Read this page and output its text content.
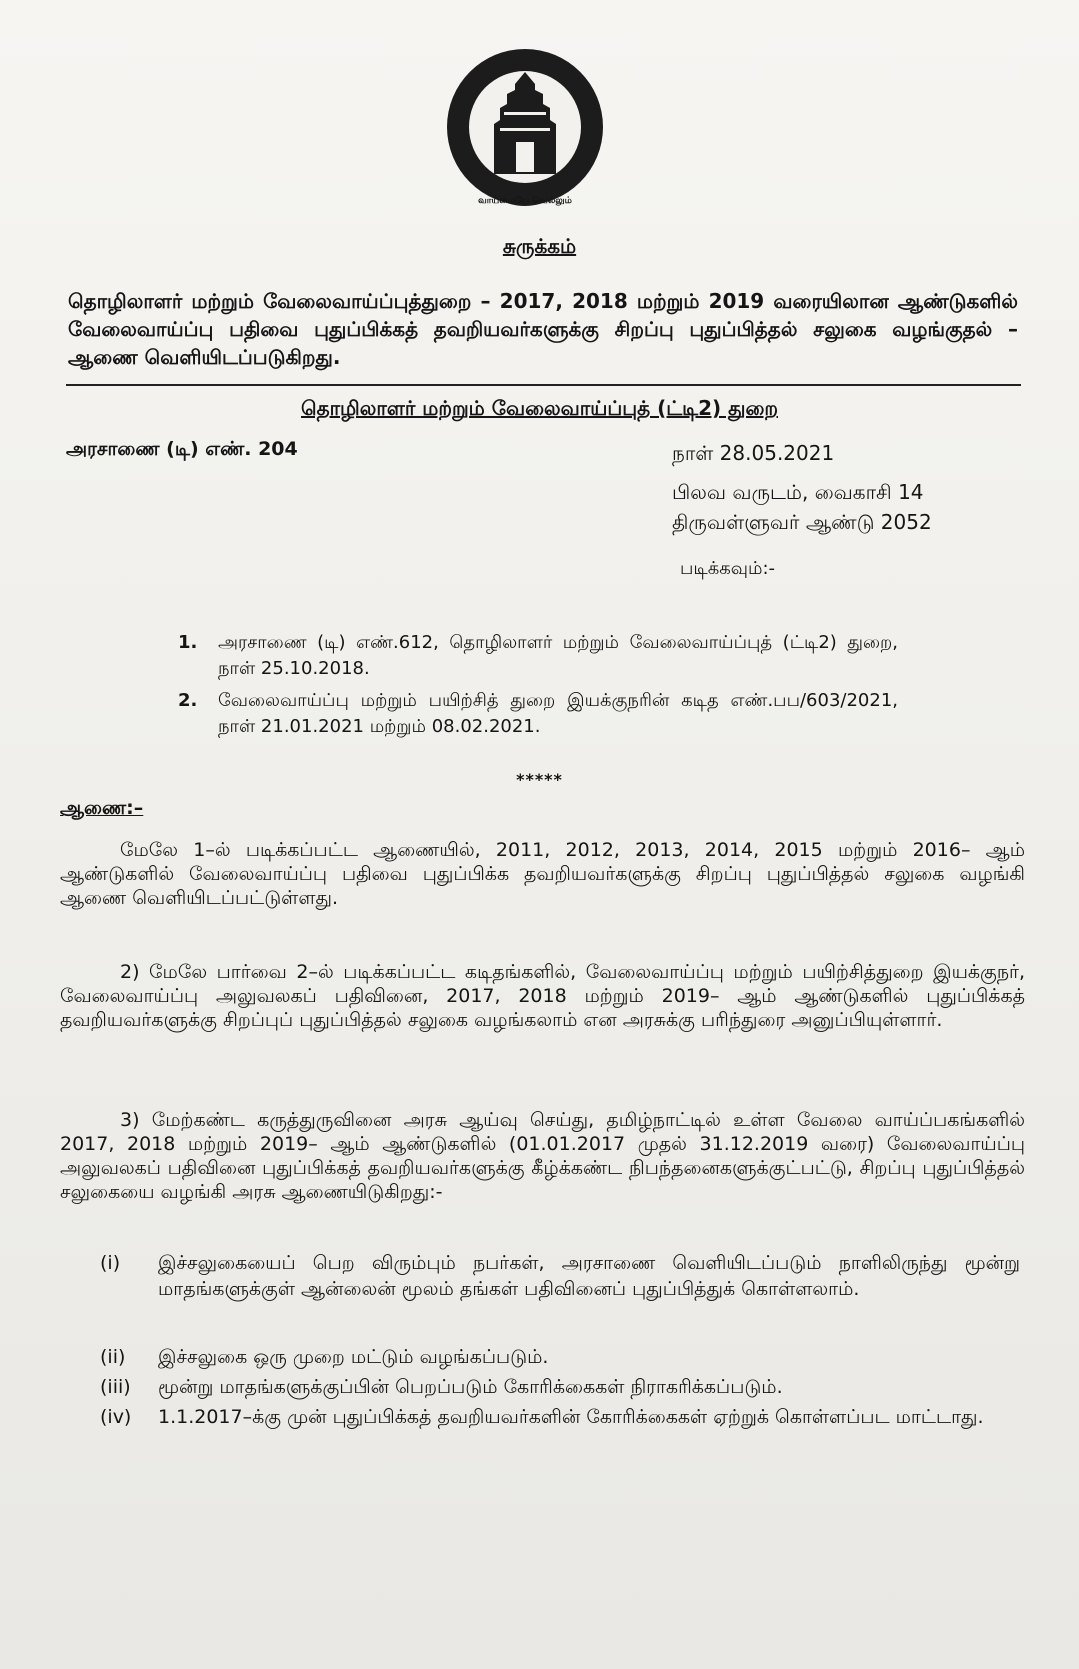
வாய்மையே வெல்லும்
சுருக்கம்
தொழிலாளர் மற்றும் வேலைவாய்ப்புத்துறை – 2017, 2018 மற்றும் 2019 வரையிலான ஆண்டுகளில் வேலைவாய்ப்பு பதிவை புதுப்பிக்கத் தவறியவர்களுக்கு சிறப்பு புதுப்பித்தல் சலுகை வழங்குதல் – ஆணை வெளியிடப்படுகிறது.
தொழிலாளர் மற்றும் வேலைவாய்ப்புத் (ட்டி2) துறை
அரசாணை (டி) எண். 204	நாள் 28.05.2021
பிலவ வருடம், வைகாசி 14
திருவள்ளுவர் ஆண்டு 2052
படிக்கவும்:-
1.	அரசாணை (டி) எண்.612, தொழிலாளர் மற்றும் வேலைவாய்ப்புத் (ட்டி2) துறை, நாள் 25.10.2018.
2.	வேலைவாய்ப்பு மற்றும் பயிற்சித் துறை இயக்குநரின் கடித எண்.பப/603/2021, நாள் 21.01.2021 மற்றும் 08.02.2021.
*****
ஆணை:–
மேலே 1–ல் படிக்கப்பட்ட ஆணையில், 2011, 2012, 2013, 2014, 2015 மற்றும் 2016– ஆம் ஆண்டுகளில் வேலைவாய்ப்பு பதிவை புதுப்பிக்க தவறியவர்களுக்கு சிறப்பு புதுப்பித்தல் சலுகை வழங்கி ஆணை வெளியிடப்பட்டுள்ளது.
2) மேலே பார்வை 2–ல் படிக்கப்பட்ட கடிதங்களில், வேலைவாய்ப்பு மற்றும் பயிற்சித்துறை இயக்குநர், வேலைவாய்ப்பு அலுவலகப் பதிவினை, 2017, 2018 மற்றும் 2019– ஆம் ஆண்டுகளில் புதுப்பிக்கத் தவறியவர்களுக்கு சிறப்புப் புதுப்பித்தல் சலுகை வழங்கலாம் என அரசுக்கு பரிந்துரை அனுப்பியுள்ளார்.
3) மேற்கண்ட கருத்துருவினை அரசு ஆய்வு செய்து, தமிழ்நாட்டில் உள்ள வேலை வாய்ப்பகங்களில் 2017, 2018 மற்றும் 2019– ஆம் ஆண்டுகளில் (01.01.2017 முதல் 31.12.2019 வரை) வேலைவாய்ப்பு அலுவலகப் பதிவினை புதுப்பிக்கத் தவறியவர்களுக்கு கீழ்க்கண்ட நிபந்தனைகளுக்குட்பட்டு, சிறப்பு புதுப்பித்தல் சலுகையை வழங்கி அரசு ஆணையிடுகிறது:-
(i)	இச்சலுகையைப் பெற விரும்பும் நபர்கள், அரசாணை வெளியிடப்படும் நாளிலிருந்து மூன்று மாதங்களுக்குள் ஆன்லைன் மூலம் தங்கள் பதிவினைப் புதுப்பித்துக் கொள்ளலாம்.
(ii)	இச்சலுகை ஒரு முறை மட்டும் வழங்கப்படும்.
(iii)	மூன்று மாதங்களுக்குப்பின் பெறப்படும் கோரிக்கைகள் நிராகரிக்கப்படும்.
(iv)	1.1.2017–க்கு முன் புதுப்பிக்கத் தவறியவர்களின் கோரிக்கைகள் ஏற்றுக் கொள்ளப்பட மாட்டாது.
